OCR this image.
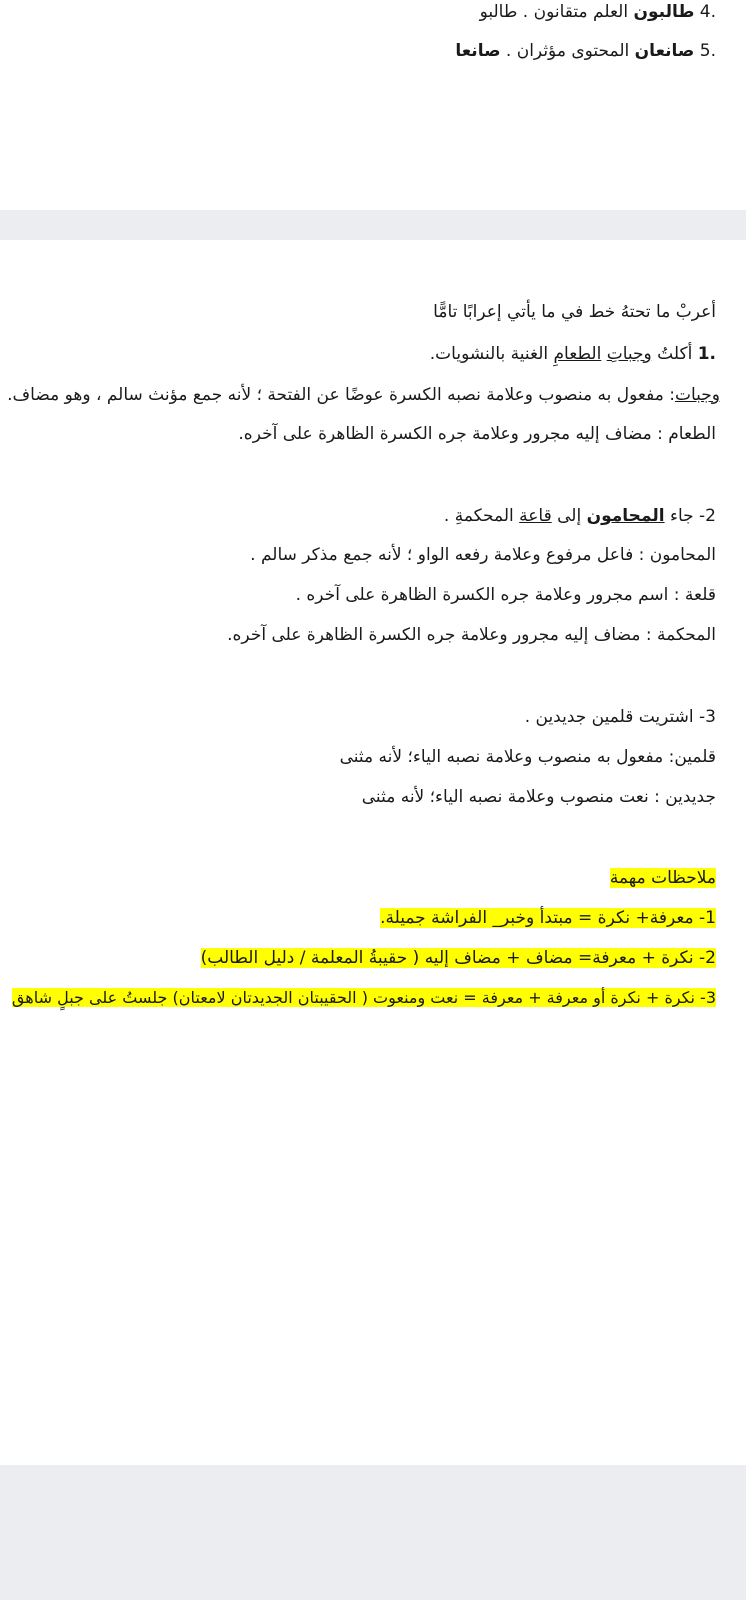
4. طالبون العلم متقانون . طالبو
5. صانعان المحتوى مؤثران . صانعا
أعربْ ما تحتهُ خط في ما يأتي إعرابًا تامًّا
1. أكلتُ وجباتِ الطعامِ الغنية بالنشويات.
وجبات: مفعول به منصوب وعلامة نصبه الكسرة عوضًا عن الفتحة ؛ لأنه جمع مؤنث سالم ، وهو مضاف.
الطعام : مضاف إليه مجرور وعلامة جره الكسرة الظاهرة على آخره.
-2 جاء المحامون إلى قاعة المحكمةِ .
المحامون : فاعل مرفوع وعلامة رفعه الواو ؛ لأنه جمع مذكر سالم .
قلعة : اسم مجرور وعلامة جره الكسرة الظاهرة على آخره .
المحكمة : مضاف إليه مجرور وعلامة جره الكسرة الظاهرة على آخره.
-3 اشتريت قلمين جديدين .
قلمين: مفعول به منصوب وعلامة نصبه الياء؛ لأنه مثنى
جديدين : نعت منصوب وعلامة نصبه الياء؛ لأنه مثنى
ملاحظات مهمة
-1 معرفة+ نكرة = مبتدأ وخبر_ الفراشة جميلة.
-2 نكرة + معرفة= مضاف + مضاف إليه ( حقيبةُ المعلمة / دليل الطالب)
-3 نكرة + نكرة أو معرفة + معرفة = نعت ومنعوت ( الحقيبتان الجديدتان لامعتان) جلستُ على جبلٍ شاهق
